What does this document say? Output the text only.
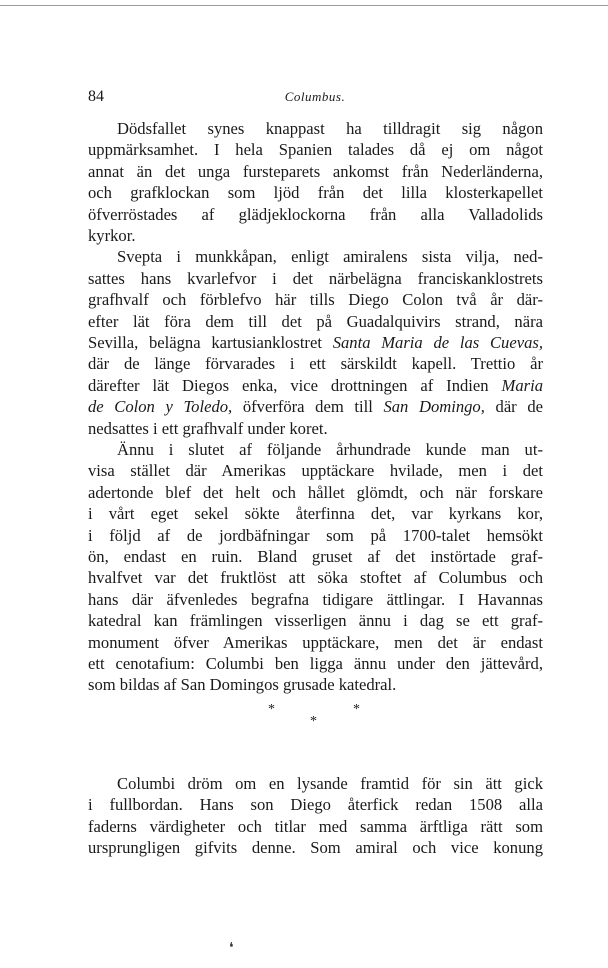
84	Columbus.
Dödsfallet synes knappast ha tilldragit sig någon
uppmärksamhet. I hela Spanien talades då ej om något
annat än det unga fursteparets ankomst från Nederländerna,
och grafklockan som ljöd från det lilla klosterkapellet
öfverröstades af glädjeklockorna från alla Valladolids
kyrkor.
Svepta i munkkåpan, enligt amiralens sista vilja, ned-
sattes hans kvarlefvor i det närbelägna franciskanklostrets
grafhvalf och förblefvo här tills Diego Colon två år där-
efter lät föra dem till det på Guadalquivirs strand, nära
Sevilla, belägna kartusianklostret Santa Maria de las Cuevas,
där de länge förvarades i ett särskildt kapell. Trettio år
därefter lät Diegos enka, vice drottningen af Indien Maria
de Colon y Toledo, öfverföra dem till San Domingo, där de
nedsattes i ett grafhvalf under koret.
Ännu i slutet af följande århundrade kunde man ut-
visa stället där Amerikas upptäckare hvilade, men i det
adertonde blef det helt och hållet glömdt, och när forskare
i vårt eget sekel sökte återfinna det, var kyrkans kor,
i följd af de jordbäfningar som på 1700-talet hemsökt
ön, endast en ruin. Bland gruset af det instörtade graf-
hvalfvet var det fruktlöst att söka stoftet af Columbus och
hans där äfvenledes begrafna tidigare ättlingar. I Havannas
katedral kan främlingen visserligen ännu i dag se ett graf-
monument öfver Amerikas upptäckare, men det är endast
ett cenotafium: Columbi ben ligga ännu under den jättevård,
som bildas af San Domingos grusade katedral.
*	*
*
Columbi dröm om en lysande framtid för sin ätt gick
i fullbordan. Hans son Diego återfick redan 1508 alla
faderns värdigheter och titlar med samma ärftliga rätt som
ursprungligen gifvits denne. Som amiral och vice konung
❛
